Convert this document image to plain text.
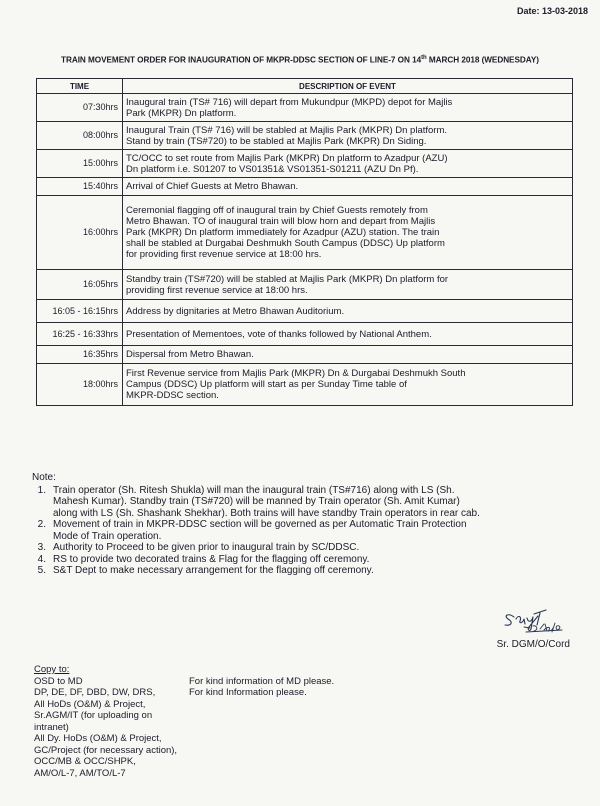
Date: 13-03-2018
TRAIN MOVEMENT ORDER FOR INAUGURATION OF MKPR-DDSC SECTION OF LINE-7 ON 14th MARCH 2018 (WEDNESDAY)
TIME	DESCRIPTION OF EVENT
07:30hrs	Inaugural train (TS# 716) will depart from Mukundpur (MKPD) depot for Majlis
Park (MKPR) Dn platform.

08:00hrs	Inaugural Train (TS# 716) will be stabled at Majlis Park (MKPR) Dn platform.
Stand by train (TS#720) to be stabled at Majlis Park (MKPR) Dn Siding.

15:00hrs	TC/OCC to set route from Majlis Park (MKPR) Dn platform to Azadpur (AZU)
Dn platform i.e. S01207 to VS01351& VS01351-S01211 (AZU Dn Pf).

15:40hrs	Arrival of Chief Guests at Metro Bhawan.

16:00hrs	Ceremonial flagging off of inaugural train by Chief Guests remotely from
Metro Bhawan. TO of inaugural train will blow horn and depart from Majlis
Park (MKPR) Dn platform immediately for Azadpur (AZU) station. The train
shall be stabled at Durgabai Deshmukh South Campus (DDSC) Up platform
for providing first revenue service at 18:00 hrs.

16:05hrs	Standby train (TS#720) will be stabled at Majlis Park (MKPR) Dn platform for
providing first revenue service at 18:00 hrs.

16:05 - 16:15hrs	Address by dignitaries at Metro Bhawan Auditorium.

16:25 - 16:33hrs	Presentation of Mementoes, vote of thanks followed by National Anthem.

16:35hrs	Dispersal from Metro Bhawan.

18:00hrs	First Revenue service from Majlis Park (MKPR) Dn & Durgabai Deshmukh South
Campus (DDSC) Up platform will start as per Sunday Time table of
MKPR-DDSC section.
Note:
1. Train operator (Sh. Ritesh Shukla) will man the inaugural train (TS#716) along with LS (Sh.
Mahesh Kumar). Standby train (TS#720) will be manned by Train operator (Sh. Amit Kumar)
along with LS (Sh. Shashank Shekhar). Both trains will have standby Train operators in rear cab.
2. Movement of train in MKPR-DDSC section will be governed as per Automatic Train Protection
Mode of Train operation.
3. Authority to Proceed to be given prior to inaugural train by SC/DDSC.
4. RS to provide two decorated trains & Flag for the flagging off ceremony.
5. S&T Dept to make necessary arrangement for the flagging off ceremony.
Sr. DGM/O/Cord
Copy to:
OSD to MD	For kind information of MD please.
DP, DE, DF, DBD, DW, DRS,	For kind Information please.
All HoDs (O&M) & Project,
Sr.AGM/IT (for uploading on intranet)
All Dy. HoDs (O&M) & Project,
GC/Project (for necessary action),
OCC/MB & OCC/SHPK,
AM/O/L-7, AM/TO/L-7
